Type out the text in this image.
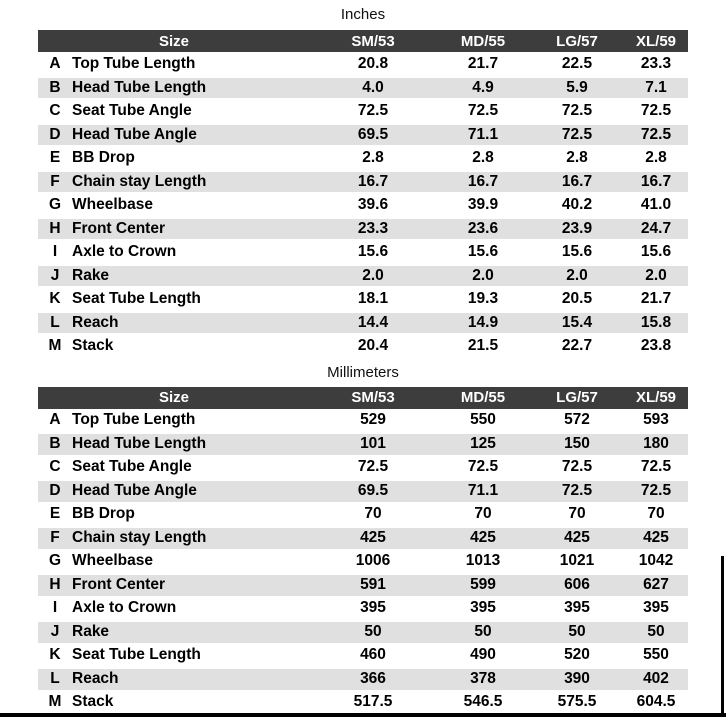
Inches
Size	SM/53	MD/55	LG/57	XL/59
A Top Tube Length	20.8	21.7	22.5	23.3
B Head Tube Length	4.0	4.9	5.9	7.1
C Seat Tube Angle	72.5	72.5	72.5	72.5
D Head Tube Angle	69.5	71.1	72.5	72.5
E BB Drop	2.8	2.8	2.8	2.8
F Chain stay Length	16.7	16.7	16.7	16.7
G Wheelbase	39.6	39.9	40.2	41.0
H Front Center	23.3	23.6	23.9	24.7
I Axle to Crown	15.6	15.6	15.6	15.6
J Rake	2.0	2.0	2.0	2.0
K Seat Tube Length	18.1	19.3	20.5	21.7
L Reach	14.4	14.9	15.4	15.8
M Stack	20.4	21.5	22.7	23.8
Millimeters
Size	SM/53	MD/55	LG/57	XL/59
A Top Tube Length	529	550	572	593
B Head Tube Length	101	125	150	180
C Seat Tube Angle	72.5	72.5	72.5	72.5
D Head Tube Angle	69.5	71.1	72.5	72.5
E BB Drop	70	70	70	70
F Chain stay Length	425	425	425	425
G Wheelbase	1006	1013	1021	1042
H Front Center	591	599	606	627
I Axle to Crown	395	395	395	395
J Rake	50	50	50	50
K Seat Tube Length	460	490	520	550
L Reach	366	378	390	402
M Stack	517.5	546.5	575.5	604.5
